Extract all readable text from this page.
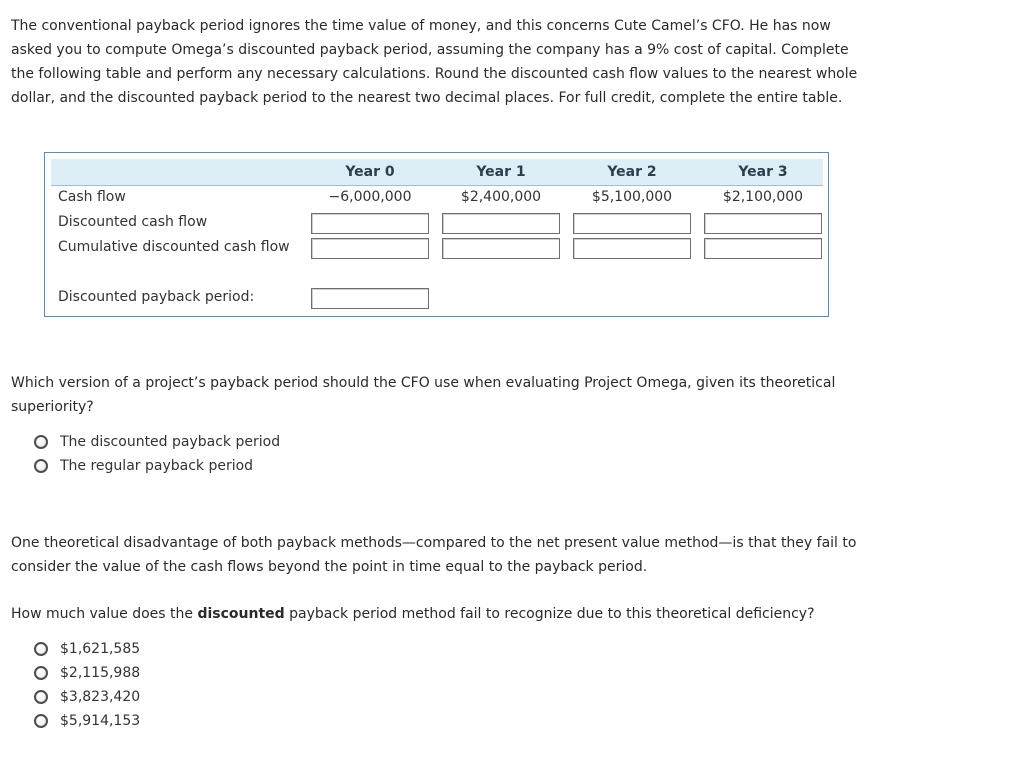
The conventional payback period ignores the time value of money, and this concerns Cute Camel’s CFO. He has now asked you to compute Omega’s discounted payback period, assuming the company has a 9% cost of capital. Complete the following table and perform any necessary calculations. Round the discounted cash flow values to the nearest whole dollar, and the discounted payback period to the nearest two decimal places. For full credit, complete the entire table.

Year 0	Year 1	Year 2	Year 3
Cash flow	−6,000,000	$2,400,000	$5,100,000	$2,100,000
Discounted cash flow
Cumulative discounted cash flow
Discounted payback period:

Which version of a project’s payback period should the CFO use when evaluating Project Omega, given its theoretical superiority?

The discounted payback period
The regular payback period

One theoretical disadvantage of both payback methods—compared to the net present value method—is that they fail to consider the value of the cash flows beyond the point in time equal to the payback period.

How much value does the discounted payback period method fail to recognize due to this theoretical deficiency?

$1,621,585
$2,115,988
$3,823,420
$5,914,153
